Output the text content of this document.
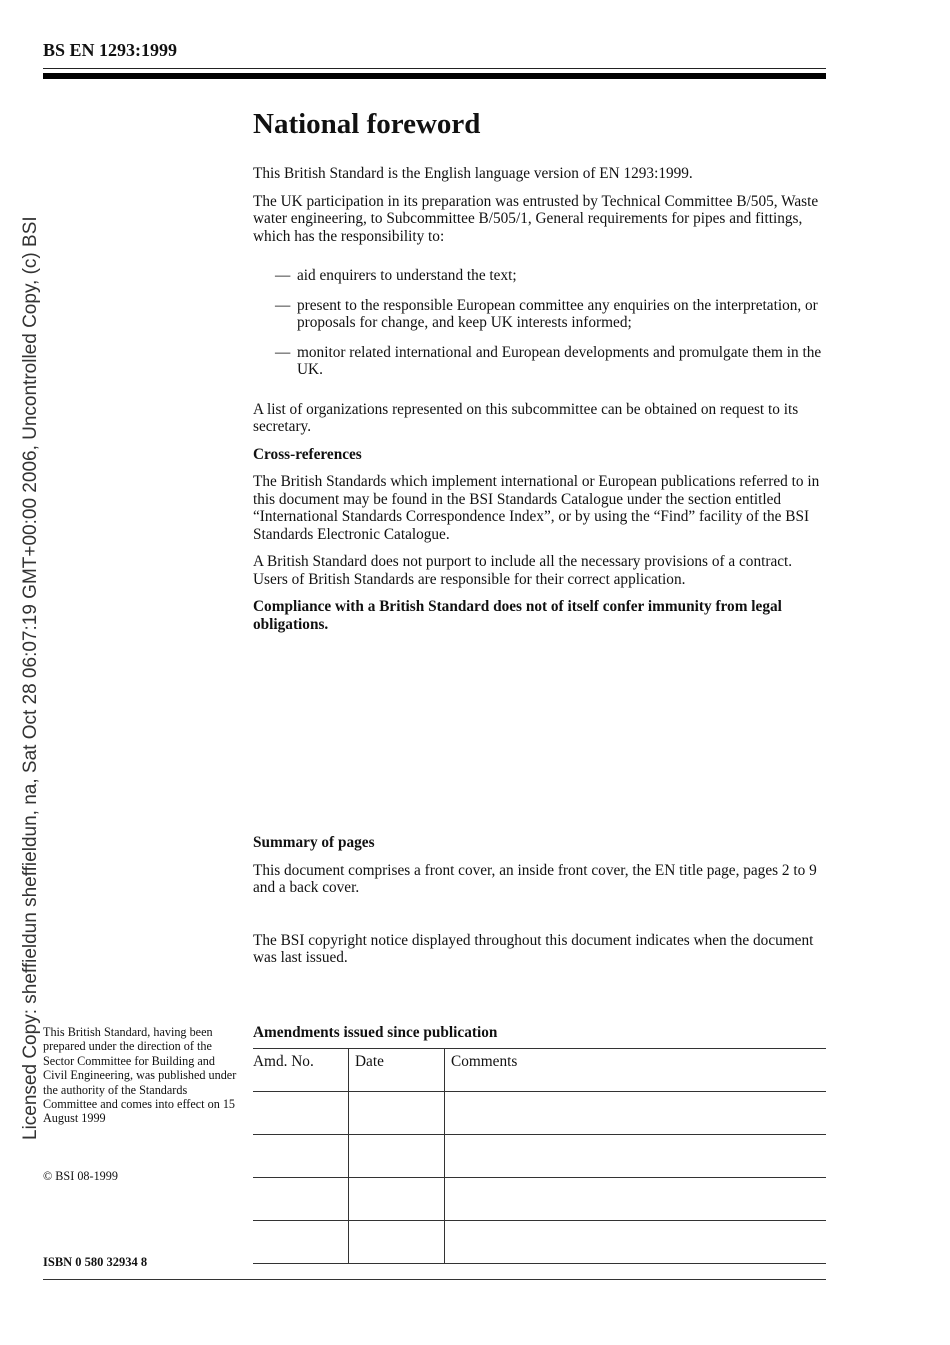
BS EN 1293:1999
Licensed Copy: sheffieldun sheffieldun, na, Sat Oct 28 06:07:19 GMT+00:00 2006, Uncontrolled Copy, (c) BSI
National foreword

This British Standard is the English language version of EN 1293:1999.

The UK participation in its preparation was entrusted by Technical Committee B/505, Waste water engineering, to Subcommittee B/505/1, General requirements for pipes and fittings, which has the responsibility to:

— aid enquirers to understand the text;
— present to the responsible European committee any enquiries on the interpretation, or proposals for change, and keep UK interests informed;
— monitor related international and European developments and promulgate them in the UK.

A list of organizations represented on this subcommittee can be obtained on request to its secretary.

Cross-references

The British Standards which implement international or European publications referred to in this document may be found in the BSI Standards Catalogue under the section entitled “International Standards Correspondence Index”, or by using the “Find” facility of the BSI Standards Electronic Catalogue.

A British Standard does not purport to include all the necessary provisions of a contract. Users of British Standards are responsible for their correct application.

Compliance with a British Standard does not of itself confer immunity from legal obligations.

Summary of pages

This document comprises a front cover, an inside front cover, the EN title page, pages 2 to 9 and a back cover.

The BSI copyright notice displayed throughout this document indicates when the document was last issued.

This British Standard, having been prepared under the direction of the Sector Committee for Building and Civil Engineering, was published under the authority of the Standards Committee and comes into effect on 15 August 1999
© BSI 08-1999
ISBN 0 580 32934 8
Amendments issued since publication
Amd. No.	Date	Comments
